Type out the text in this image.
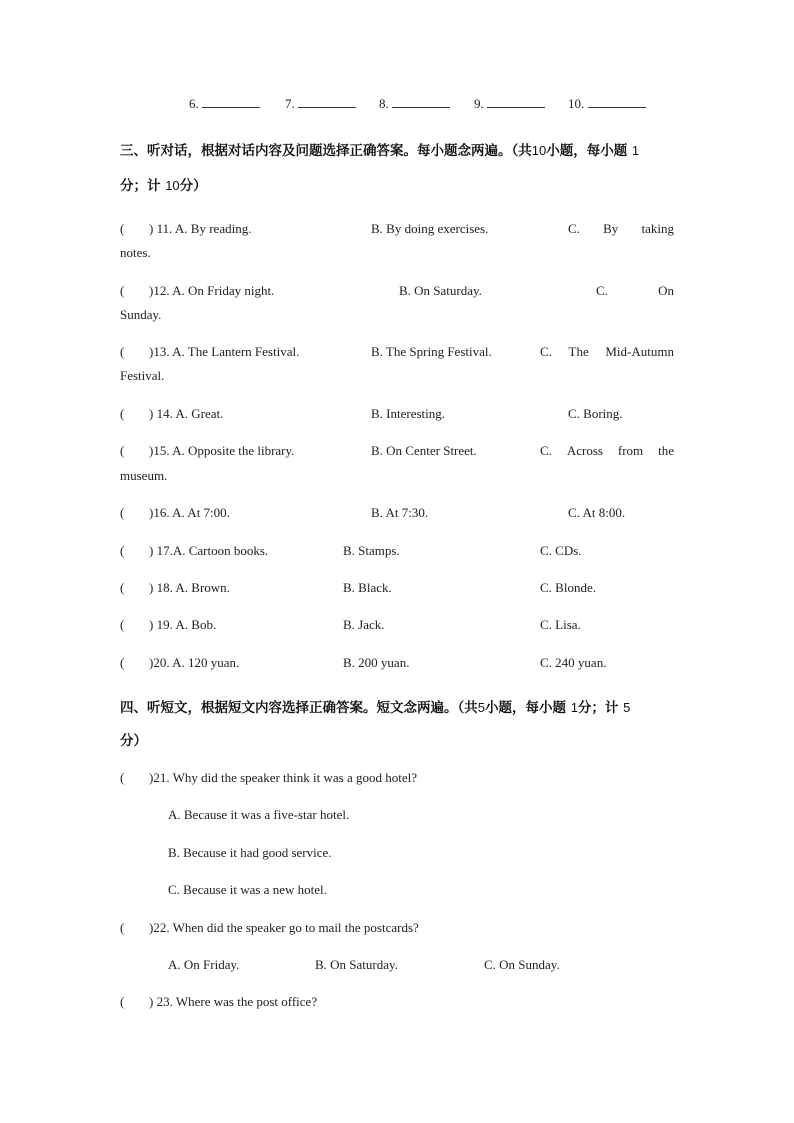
6.	7.	8.	9.	10.
三、听对话，根据对话内容及问题选择正确答案。每小题念两遍。（共10小题，每小题 1
分；计 10分）
( ) 11. A. By reading.	B. By doing exercises.	C. By taking
notes.
( )12. A. On Friday night.	B. On Saturday.	C.	On
Sunday.
( )13. A. The Lantern Festival.	B. The Spring Festival.	C. The Mid-Autumn
Festival.
( ) 14. A. Great.	B. Interesting.	C. Boring.
( )15. A. Opposite the library.	B. On Center Street.	C. Across from the
museum.
( )16. A. At 7:00.	B. At 7:30.	C. At 8:00.
( ) 17.A. Cartoon books.	B. Stamps.	C. CDs.
( ) 18. A. Brown.	B. Black.	C. Blonde.
( ) 19. A. Bob.	B. Jack.	C. Lisa.
( )20. A. 120 yuan.	B. 200 yuan.	C. 240 yuan.
四、听短文，根据短文内容选择正确答案。短文念两遍。（共5小题，每小题 1分；计 5
分）
( )21. Why did the speaker think it was a good hotel?
A. Because it was a five-star hotel.
B. Because it had good service.
C. Because it was a new hotel.
( )22. When did the speaker go to mail the postcards?
A. On Friday.	B. On Saturday.	C. On Sunday.
( ) 23. Where was the post office?
